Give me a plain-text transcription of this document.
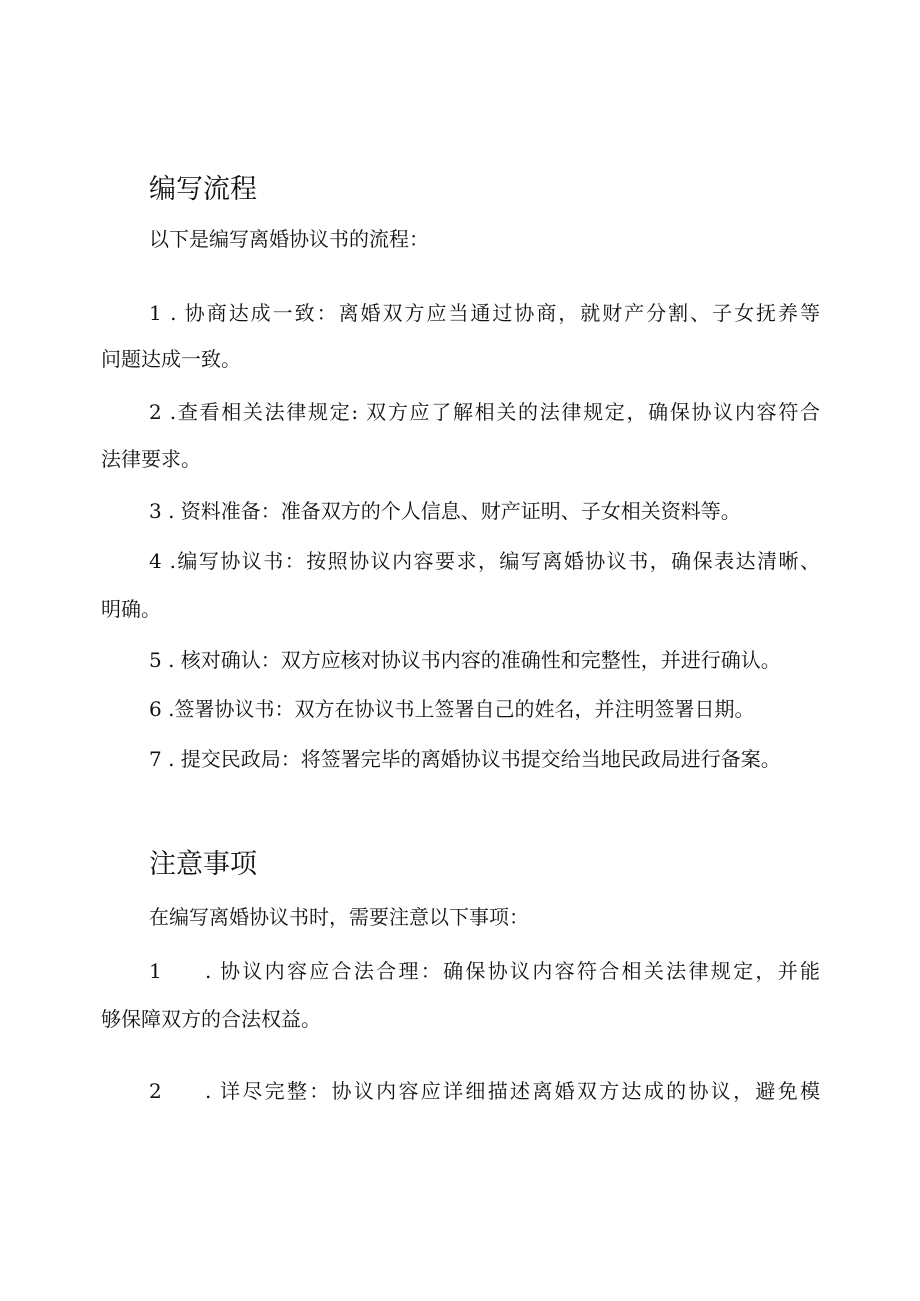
编写流程

以下是编写离婚协议书的流程：

1 . 协商达成一致：离婚双方应当通过协商，就财产分割、子女抚养等

问题达成一致。

2 .查看相关法律规定: 双方应了解相关的法律规定，确保协议内容符合

法律要求。

3 . 资料准备：准备双方的个人信息、财产证明、子女相关资料等。

4 .编写协议书：按照协议内容要求，编写离婚协议书，确保表达清晰、

明确。

5 . 核对确认：双方应核对协议书内容的准确性和完整性，并进行确认。

6 .签署协议书：双方在协议书上签署自己的姓名，并注明签署日期。

7 . 提交民政局：将签署完毕的离婚协议书提交给当地民政局进行备案。

注意事项

在编写离婚协议书时，需要注意以下事项：

1 . 协议内容应合法合理：确保协议内容符合相关法律规定，并能

够保障双方的合法权益。

2 . 详尽完整：协议内容应详细描述离婚双方达成的协议，避免模
